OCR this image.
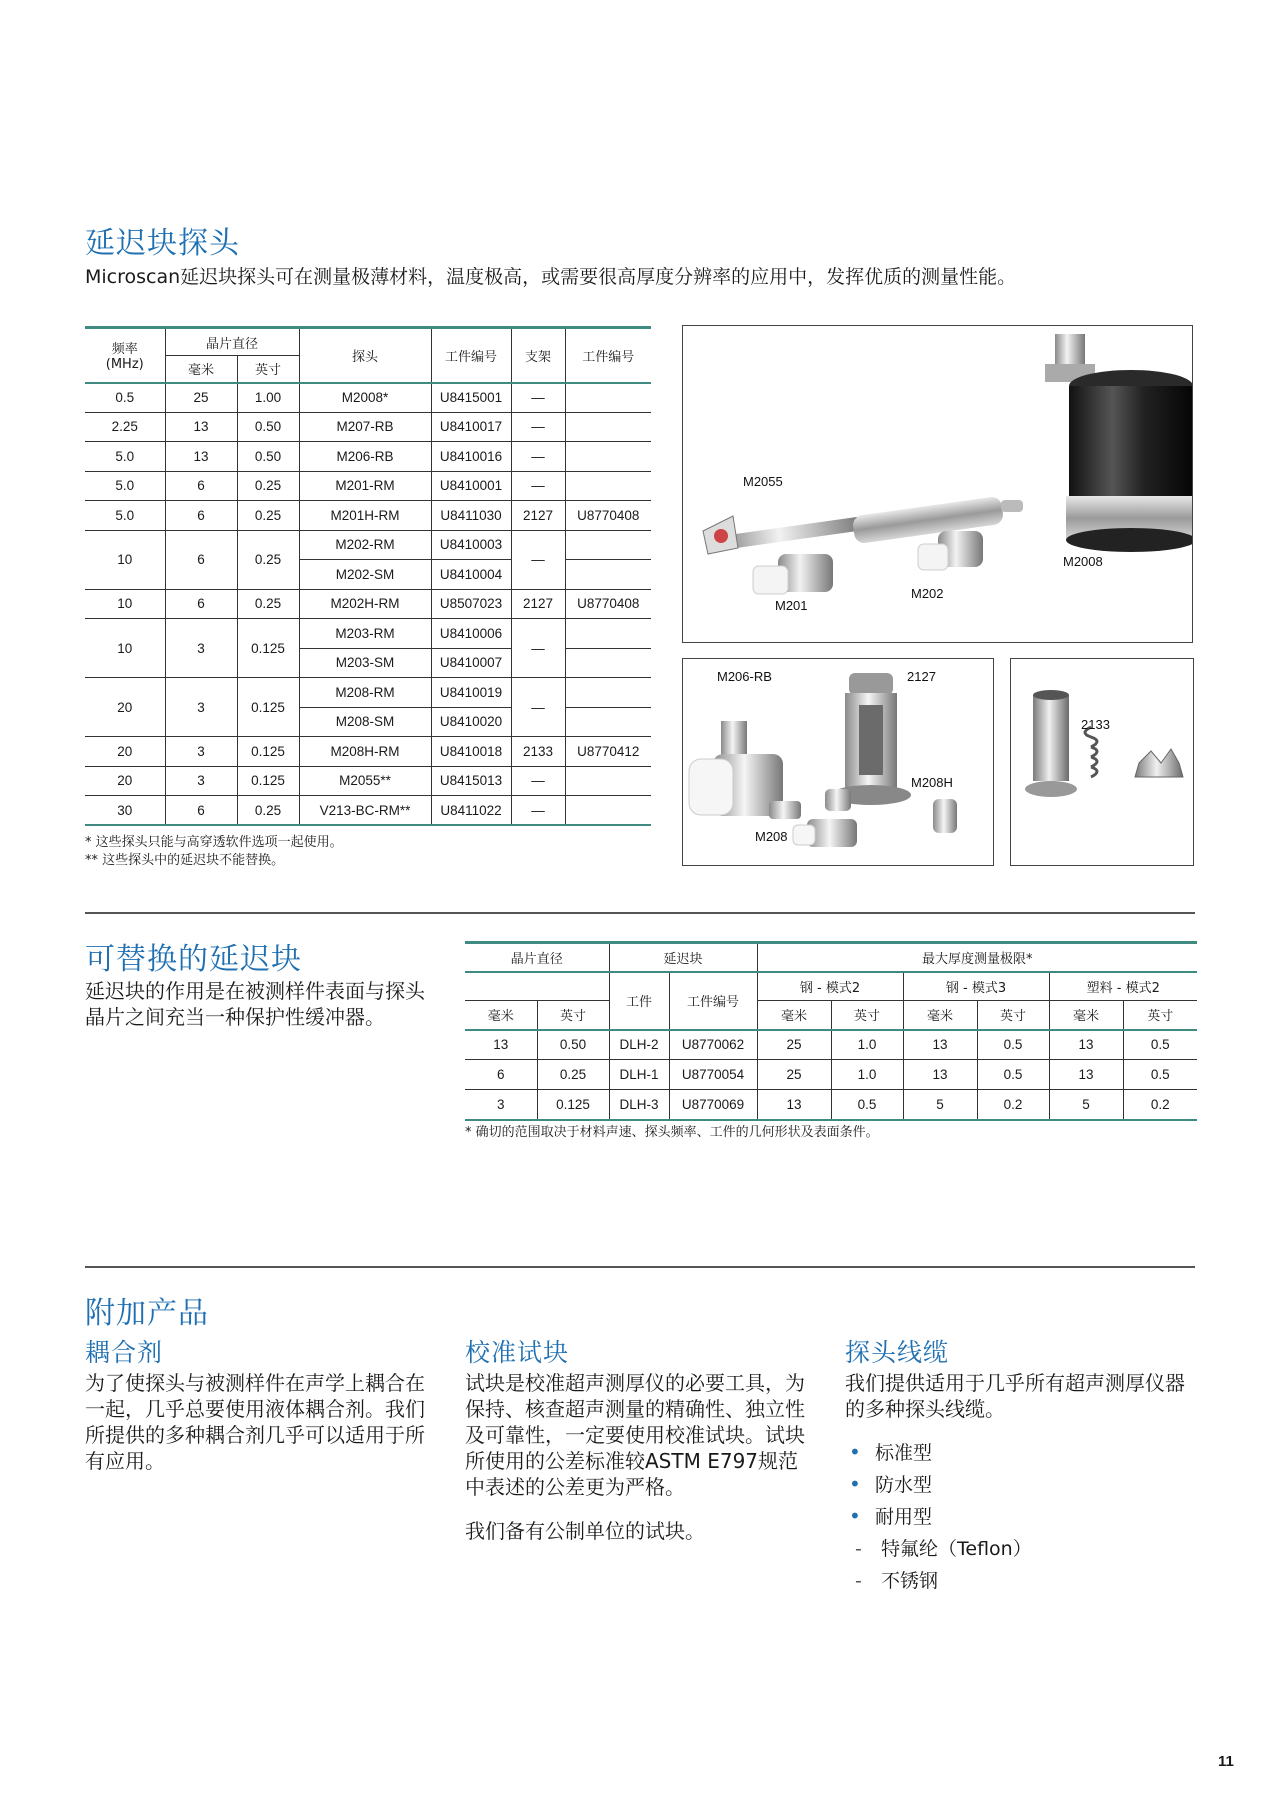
延迟块探头

Microscan延迟块探头可在测量极薄材料，温度极高，或需要很高厚度分辨率的应用中，发挥优质的测量性能。

频率
(MHz)	晶片直径		探头	工件编号	支架	工件编号
	毫米	英寸				
0.5	25	1.00	M2008*	U8415001	—	
2.25	13	0.50	M207-RB	U8410017	—	
5.0	13	0.50	M206-RB	U8410016	—	
5.0	6	0.25	M201-RM	U8410001	—	
5.0	6	0.25	M201H-RM	U8411030	2127	U8770408
10	6	0.25	M202-RM	U8410003	—	
			M202-SM	U8410004		
10	6	0.25	M202H-RM	U8507023	2127	U8770408
10	3	0.125	M203-RM	U8410006	—	
			M203-SM	U8410007		
20	3	0.125	M208-RM	U8410019	—	
			M208-SM	U8410020		
20	3	0.125	M208H-RM	U8410018	2133	U8770412
20	3	0.125	M2055**	U8415013	—	
30	6	0.25	V213-BC-RM**	U8411022	—	
* 这些探头只能与高穿透软件选项一起使用。
** 这些探头中的延迟块不能替换。
M2055
M201
M202
M2008
M206-RB	2127
M208H
M208
2133
可替换的延迟块

延迟块的作用是在被测样件表面与探头晶片之间充当一种保护性缓冲器。

晶片直径		延迟块		最大厚度测量极限*					
		工件	工件编号	钢 - 模式2		钢 - 模式3		塑料 - 模式2	
毫米	英寸			毫米	英寸	毫米	英寸	毫米	英寸
13	0.50	DLH-2	U8770062	25	1.0	13	0.5	13	0.5
6	0.25	DLH-1	U8770054	25	1.0	13	0.5	13	0.5
3	0.125	DLH-3	U8770069	13	0.5	5	0.2	5	0.2
* 确切的范围取决于材料声速、探头频率、工件的几何形状及表面条件。
附加产品
耦合剂

为了使探头与被测样件在声学上耦合在一起，几乎总要使用液体耦合剂。我们所提供的多种耦合剂几乎可以适用于所有应用。

校准试块

试块是校准超声测厚仪的必要工具，为保持、核查超声测量的精确性、独立性及可靠性，一定要使用校准试块。试块所使用的公差标准较ASTM E797规范中表述的公差更为严格。

我们备有公制单位的试块。

探头线缆

我们提供适用于几乎所有超声测厚仪器的多种探头线缆。

• 标准型
• 防水型
• 耐用型
- 特氟纶（Teflon）
- 不锈钢
11
